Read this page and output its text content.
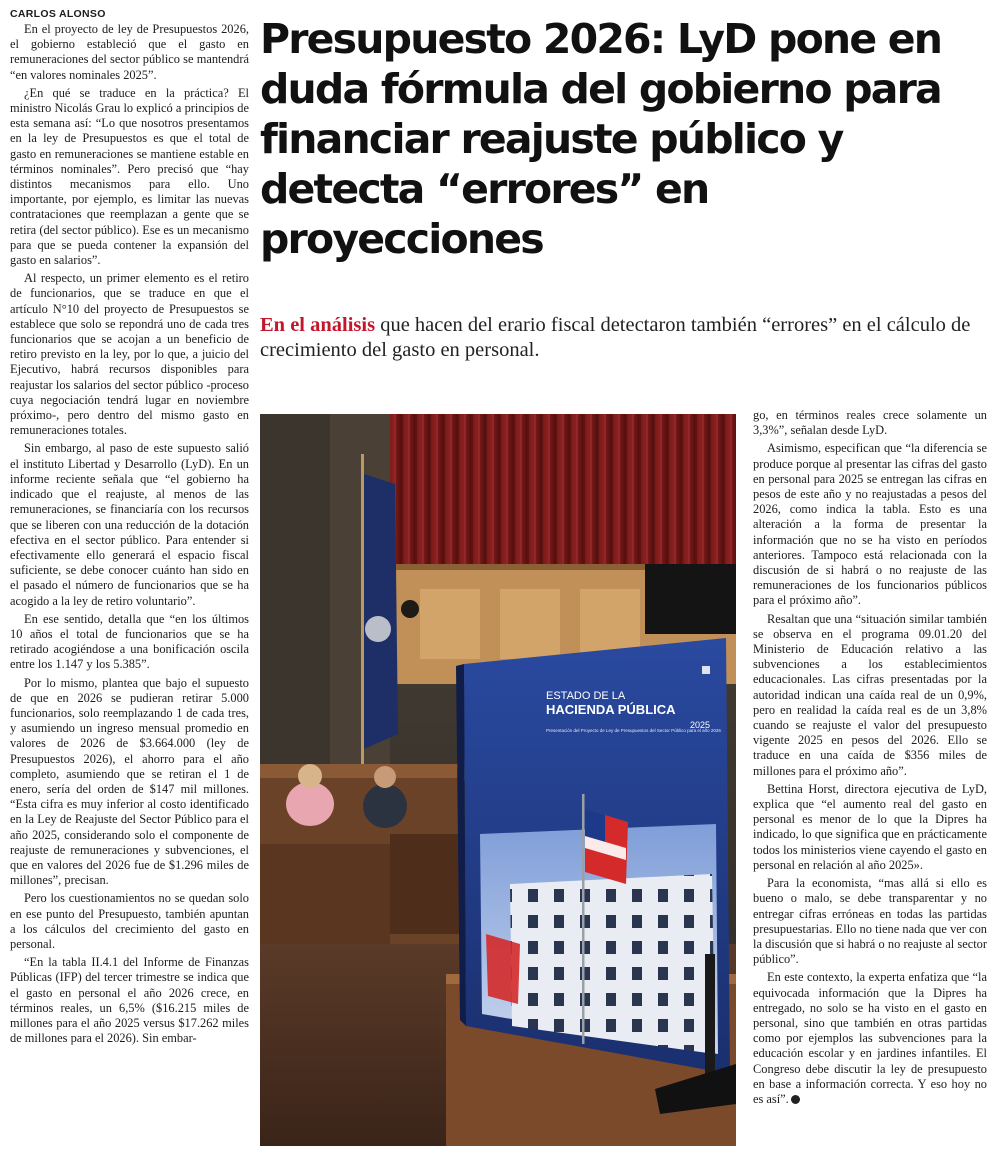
CARLOS ALONSO

En el proyecto de ley de Presupuestos 2026, el gobierno estableció que el gasto en remuneraciones del sector público se mantendrá “en valores nominales 2025”.

¿En qué se traduce en la práctica? El ministro Nicolás Grau lo explicó a principios de esta semana así: “Lo que nosotros presentamos en la ley de Presupuestos es que el total de gasto en remuneraciones se mantiene estable en términos nominales”. Pero precisó que “hay distintos mecanismos para ello. Uno importante, por ejemplo, es limitar las nuevas contrataciones que reemplazan a gente que se retira (del sector público). Ese es un mecanismo para que se pueda contener la expansión del gasto en salarios”.

Al respecto, un primer elemento es el retiro de funcionarios, que se traduce en que el artículo N°10 del proyecto de Presupuestos se establece que solo se repondrá uno de cada tres funcionarios que se acojan a un beneficio de retiro previsto en la ley, por lo que, a juicio del Ejecutivo, habrá recursos disponibles para reajustar los salarios del sector público -proceso cuya negociación tendrá lugar en noviembre próximo-, pero dentro del mismo gasto en remuneraciones totales.

Sin embargo, al paso de este supuesto salió el instituto Libertad y Desarrollo (LyD). En un informe reciente señala que “el gobierno ha indicado que el reajuste, al menos de las remuneraciones, se financiaría con los recursos que se liberen con una reducción de la dotación efectiva en el sector público. Para entender si efectivamente ello generará el espacio fiscal suficiente, se debe conocer cuánto han sido en el pasado el número de funcionarios que se ha acogido a la ley de retiro voluntario”.

En ese sentido, detalla que “en los últimos 10 años el total de funcionarios que se ha retirado acogiéndose a una bonificación oscila entre los 1.147 y los 5.385”.

Por lo mismo, plantea que bajo el supuesto de que en 2026 se pudieran retirar 5.000 funcionarios, solo reemplazando 1 de cada tres, y asumiendo un ingreso mensual promedio en valores de 2026 de $3.664.000 (ley de Presupuestos 2026), el ahorro para el año completo, asumiendo que se retiran el 1 de enero, sería del orden de $147 mil millones. “Esta cifra es muy inferior al costo identificado en la Ley de Reajuste del Sector Público para el año 2025, considerando solo el componente de reajuste de remuneraciones y subvenciones, el que en valores del 2026 fue de $1.296 miles de millones”, precisan.

Pero los cuestionamientos no se quedan solo en ese punto del Presupuesto, también apuntan a los cálculos del crecimiento del gasto en personal.

“En la tabla II.4.1 del Informe de Finanzas Públicas (IFP) del tercer trimestre se indica que el gasto en personal el año 2026 crece, en términos reales, un 6,5% ($16.215 miles de millones para el año 2025 versus $17.262 miles de millones para el 2026). Sin embar-

Presupuesto 2026: LyD pone en duda fórmula del gobierno para financiar reajuste público y detecta “errores” en proyecciones

En el análisis que hacen del erario fiscal detectaron también “errores” en el cálculo de crecimiento del gasto en personal.

ESTADO DE LA
HACIENDA PÚBLICA
2025
Presentación del Proyecto de Ley de Presupuestos del Sector Público para el año 2026

go, en términos reales crece solamente un 3,3%”, señalan desde LyD.

Asimismo, especifican que “la diferencia se produce porque al presentar las cifras del gasto en personal para 2025 se entregan las cifras en pesos de este año y no reajustadas a pesos del 2026, como indica la tabla. Esto es una alteración a la forma de presentar la información que no se ha visto en períodos anteriores. Tampoco está relacionada con la discusión de si habrá o no reajuste de las remuneraciones de los funcionarios públicos para el próximo año”.

Resaltan que una “situación similar también se observa en el programa 09.01.20 del Ministerio de Educación relativo a las subvenciones a los establecimientos educacionales. Las cifras presentadas por la autoridad indican una caída real de un 0,9%, pero en realidad la caída real es de un 3,8% cuando se reajuste el valor del presupuesto vigente 2025 en pesos del 2026. Ello se traduce en una caída de $356 miles de millones para el próximo año”.

Bettina Horst, directora ejecutiva de LyD, explica que “el aumento real del gasto en personal es menor de lo que la Dipres ha indicado, lo que significa que en prácticamente todos los ministerios viene cayendo el gasto en personal en relación al año 2025».

Para la economista, “mas allá si ello es bueno o malo, se debe transparentar y no entregar cifras erróneas en todas las partidas presupuestarias. Ello no tiene nada que ver con la discusión que si habrá o no reajuste al sector público”.

En este contexto, la experta enfatiza que “la equivocada información que la Dipres ha entregado, no solo se ha visto en el gasto en personal, sino que también en otras partidas como por ejemplos las subvenciones para la educación escolar y en jardines infantiles. El Congreso debe discutir la ley de presupuesto en base a información correcta. Y eso hoy no es así”.
